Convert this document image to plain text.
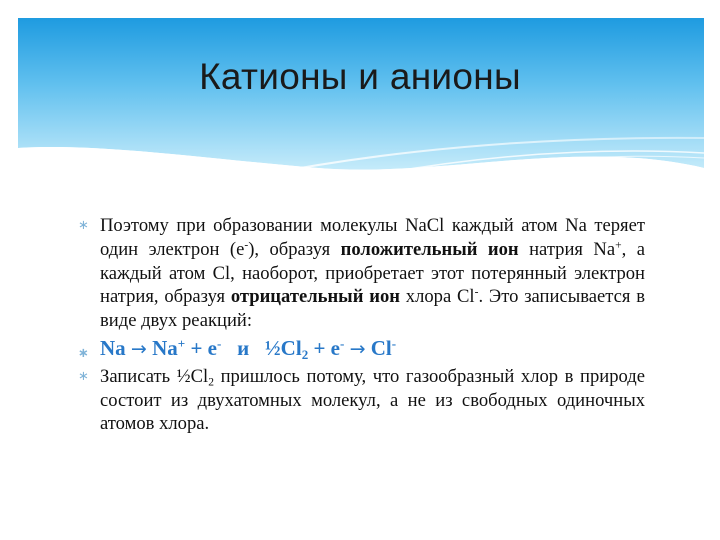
Катионы и анионы
∗ Поэтому при образовании молекулы NaCl каждый атом Na теряет один электрон (e-), образуя положительный ион натрия Na+, а каждый атом Cl, наоборот, приобретает этот потерянный электрон натрия, образуя отрицательный ион хлора Cl-. Это записывается в виде двух реакций:
∗ Na → Na+ + e-   и   $\frac{1}{2}Cl_2 + e^- \to Cl^-$
∗ Записать $\frac{1}{2}Cl_2$ пришлось потому, что газообразный хлор в природе состоит из двухатомных молекул, а не из свободных одиночных атомов хлора.
